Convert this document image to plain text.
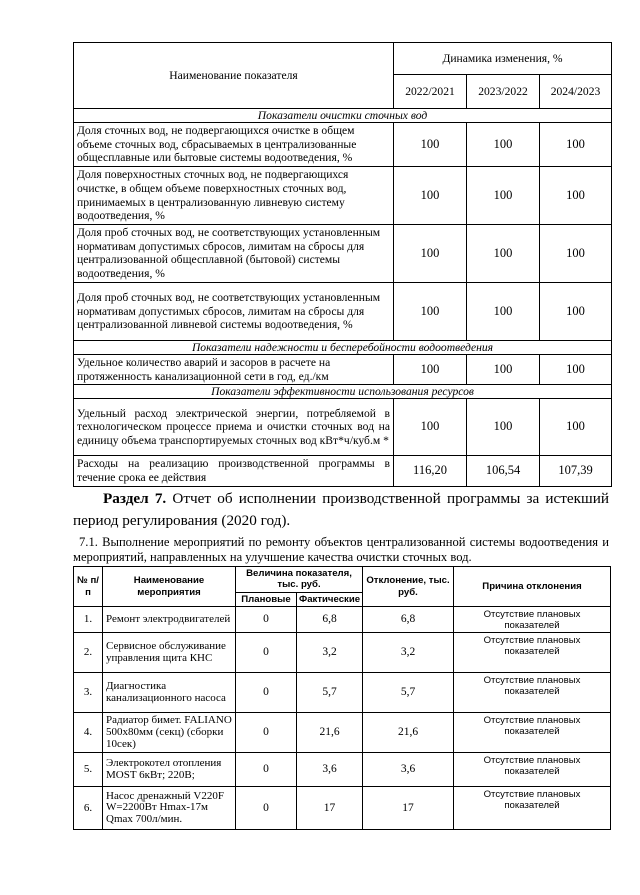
Наименование показателя	Динамика изменения, %		
	2022/2021	2023/2022	2024/2023
Показатели очистки сточных вод			
Доля сточных вод, не подвергающихся очистке в общем объеме сточных вод, сбрасываемых в централизованные общесплавные или бытовые системы водоотведения, %	100	100	100
Доля поверхностных сточных вод, не подвергающихся очистке, в общем объеме поверхностных сточных вод, принимаемых в централизованную ливневую систему водоотведения, %	100	100	100
Доля проб сточных вод, не соответствующих установленным нормативам допустимых сбросов, лимитам на сбросы для централизованной общесплавной (бытовой) системы водоотведения, %	100	100	100
Доля проб сточных вод, не соответствующих установленным нормативам допустимых сбросов, лимитам на сбросы для централизованной ливневой системы водоотведения, %	100	100	100
Показатели надежности и бесперебойности водоотведения			
Удельное количество аварий и засоров в расчете на протяженность канализационной сети в год, ед./км	100	100	100
Показатели эффективности использования ресурсов			
Удельный расход электрической энергии, потребляемой в технологическом процессе приема и очистки сточных вод на единицу объема транспортируемых сточных вод кВт*ч/куб.м *	100	100	100
Расходы на реализацию производственной программы в течение срока ее действия	116,20	106,54	107,39

Раздел 7. Отчет об исполнении производственной программы за истекший период регулирования (2020 год).

7.1. Выполнение мероприятий по ремонту объектов централизованной системы водоотведения и мероприятий, направленных на улучшение качества очистки сточных вод.

№ п/п	Наименование мероприятия	Величина показателя, тыс. руб.		Отклонение, тыс. руб.	Причина отклонения
		Плановые	Фактические		
1.	Ремонт электродвигателей	0	6,8	6,8	Отсутствие плановых показателей
2.	Сервисное обслуживание управления щита КНС	0	3,2	3,2	Отсутствие плановых показателей
3.	Диагностика канализационного насоса	0	5,7	5,7	Отсутствие плановых показателей
4.	Радиатор бимет. FALIANO 500х80мм (секц) (сборки 10сек)	0	21,6	21,6	Отсутствие плановых показателей
5.	Электрокотел отопления MOST 6кВт; 220В;	0	3,6	3,6	Отсутствие плановых показателей
6.	Насос дренажный V220F W=2200Вт Hmax-17м Qmax 700л/мин.	0	17	17	Отсутствие плановых показателей
